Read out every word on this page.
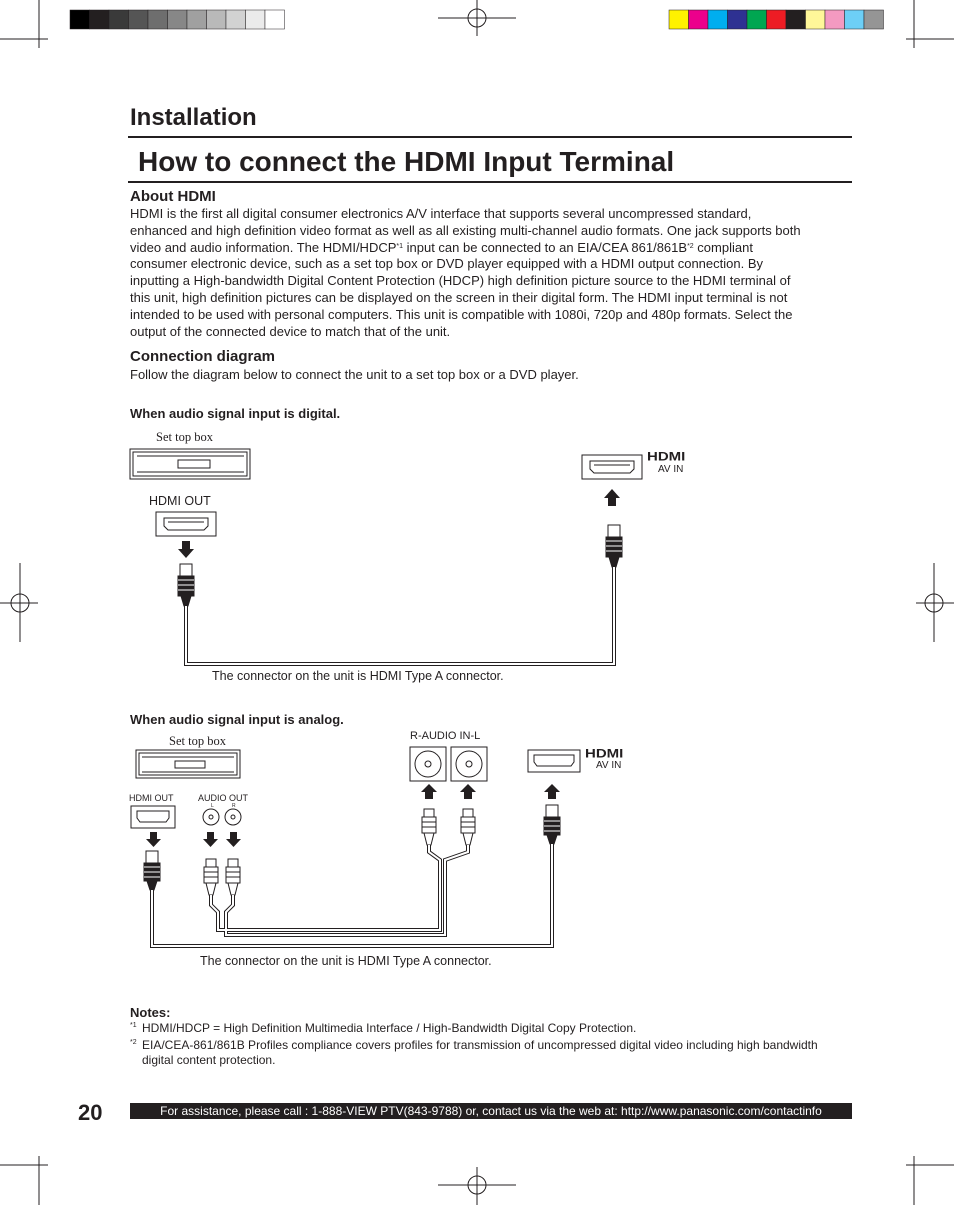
Installation
How to connect the HDMI Input Terminal
About HDMI
HDMI is the first all digital consumer electronics A/V interface that supports several uncompressed standard,
enhanced and high definition video format as well as all existing multi-channel audio formats. One jack supports both
video and audio information. The HDMI/HDCP$^{*1}$ input can be connected to an EIA/CEA $861/861B^{*2}$ compliant
consumer electronic device, such as a set top box or DVD player equipped with a HDMI output connection. By
inputting a High-bandwidth Digital Content Protection (HDCP) high definition picture source to the HDMI terminal of
this unit, high definition pictures can be displayed on the screen in their digital form. The HDMI input terminal is not
intended to be used with personal computers. This unit is compatible with 1080i, 720p and 480p formats. Select the
output of the connected device to match that of the unit.
Connection diagram
Follow the diagram below to connect the unit to a set top box or a DVD player.
When audio signal input is digital.
Set top box
HDMI OUT
HDMI
AV IN
The connector on the unit is HDMI Type A connector.
When audio signal input is analog.
Set top box
HDMI OUT	AUDIO OUT
L	R
R-AUDIO IN-L
HDMI
AV IN
The connector on the unit is HDMI Type A connector.
Notes:
*1 HDMI/HDCP = High Definition Multimedia Interface / High-Bandwidth Digital Copy Protection.
*2 EIA/CEA-861/861B Profiles compliance covers profiles for transmission of uncompressed digital video including high bandwidth
digital content protection.
20	For assistance, please call : 1-888-VIEW PTV(843-9788) or, contact us via the web at: http://www.panasonic.com/contactinfo
